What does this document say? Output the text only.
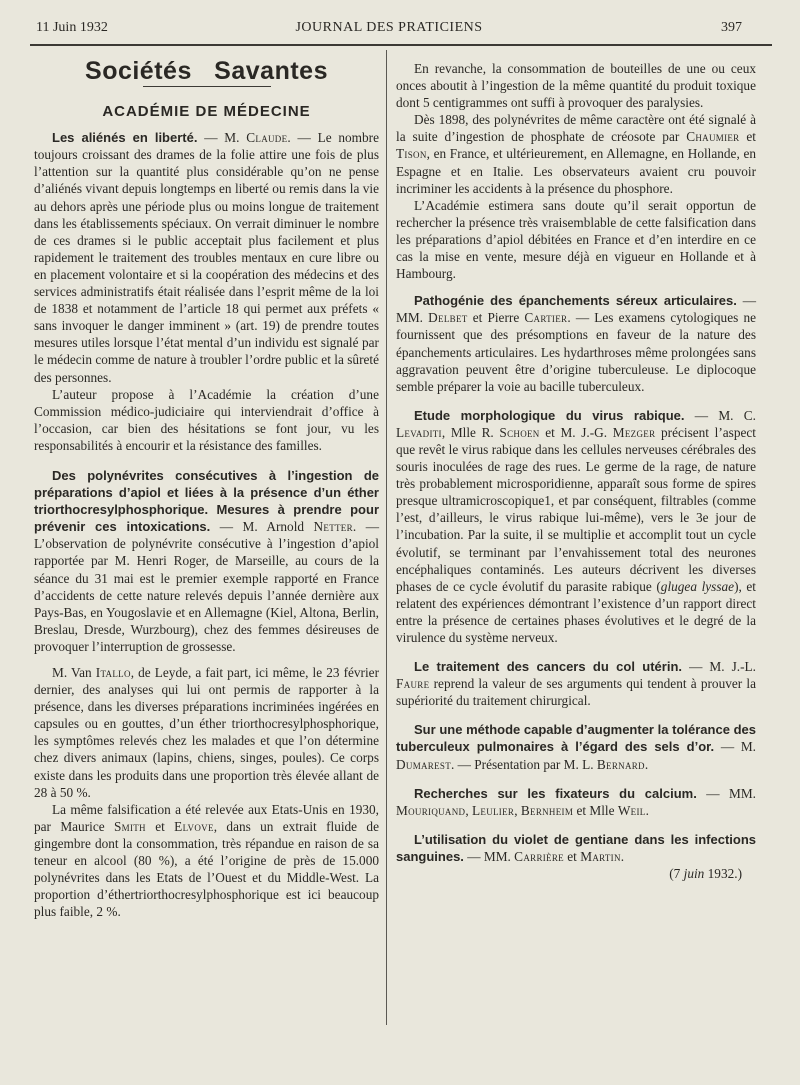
11 Juin 1932	JOURNAL DES PRATICIENS	397
Sociétés   Savantes
ACADÉMIE DE MÉDECINE

Les aliénés en liberté. — M. Claude. — Le nombre toujours croissant des drames de la folie attire une fois de plus l’attention sur la quantité plus considérable qu’on ne pense d’aliénés vivant depuis longtemps en liberté ou remis dans la vie au dehors après une période plus ou moins longue de traitement dans les établissements spéciaux. On verrait diminuer le nombre de ces drames si le public acceptait plus facilement et plus rapidement le traitement des troubles mentaux en cure libre ou en placement volontaire et si la coopération des médecins et des services administratifs était réalisée dans l’esprit même de la loi de 1838 et notamment de l’article 18 qui permet aux préfets « sans invoquer le danger imminent » (art. 19) de prendre toutes mesures utiles lorsque l’état mental d’un individu est signalé par le médecin comme de nature à troubler l’ordre public et la sûreté des personnes.

L’auteur propose à l’Académie la création d’une Commission médico-judiciaire qui interviendrait d’office à l’occasion, car bien des hésitations se font jour, vu les responsabilités à encourir et la résistance des familles.

Des polynévrites consécutives à l’ingestion de préparations d’apiol et liées à la présence d’un éther triorthocresylphosphorique. Mesures à prendre pour prévenir ces intoxications. — M. Arnold Netter. — L’observation de polynévrite consécutive à l’ingestion d’apiol rapportée par M. Henri Roger, de Marseille, au cours de la séance du 31 mai est le premier exemple rapporté en France d’accidents de cette nature relevés depuis l’année dernière aux Pays-Bas, en Yougoslavie et en Allemagne (Kiel, Altona, Berlin, Breslau, Dresde, Wurzbourg), chez des femmes désireuses de provoquer l’interruption de grossesse.

M. Van Itallo, de Leyde, a fait part, ici même, le 23 février dernier, des analyses qui lui ont permis de rapporter à la présence, dans les diverses préparations incriminées ingérées en capsules ou en gouttes, d’un éther triorthocresylphosphorique, les symptômes relevés chez les malades et que l’on détermine chez divers animaux (lapins, chiens, singes, poules). Ce corps existe dans les produits dans une proportion très élevée allant de 28 à 50 %.

La même falsification a été relevée aux Etats-Unis en 1930, par Maurice Smith et Elvove, dans un extrait fluide de gingembre dont la consommation, très répandue en raison de sa teneur en alcool (80 %), a été l’origine de près de 15.000 polynévrites dans les Etats de l’Ouest et du Middle-West. La proportion d’éthertriorthocresylphosphorique est ici beaucoup plus faible, 2 %.

En revanche, la consommation de bouteilles de une ou ceux onces aboutit à l’ingestion de la même quantité du produit toxique dont 5 centigrammes ont suffi à provoquer des paralysies.

Dès 1898, des polynévrites de même caractère ont été signalé à la suite d’ingestion de phosphate de créosote par Chaumier et Tison, en France, et ultérieurement, en Allemagne, en Hollande, en Espagne et en Italie. Les observateurs avaient cru pouvoir incriminer les accidents à la présence du phosphore.

L’Académie estimera sans doute qu’il serait opportun de rechercher la présence très vraisemblable de cette falsification dans les préparations d’apiol débitées en France et d’en interdire en ce cas la mise en vente, mesure déjà en vigueur en Hollande et à Hambourg.

Pathogénie des épanchements séreux articulaires. — MM. Delbet et Pierre Cartier. — Les examens cytologiques ne fournissent que des présomptions en faveur de la nature des épanchements articulaires. Les hydarthroses même prolongées sans aggravation peuvent être d’origine tuberculeuse. Le diplocoque semble préparer la voie au bacille tuberculeux.

Etude morphologique du virus rabique. — M. C. Levaditi, Mlle R. Schoen et M. J.-G. Mezger précisent l’aspect que revêt le virus rabique dans les cellules nerveuses cérébrales des souris inoculées de rage des rues. Le germe de la rage, de nature très probablement microsporidienne, apparaît sous forme de spires presque ultramicroscopique1, et par conséquent, filtrables (comme l’est, d’ailleurs, le virus rabique lui-même), vers le 3e jour de l’incubation. Par la suite, il se multiplie et accomplit tout un cycle évolutif, se terminant par l’envahissement total des neurones encéphaliques contaminés. Les auteurs décrivent les diverses phases de ce cycle évolutif du parasite rabique (glugea lyssae), et relatent des expériences démontrant l’existence d’un rapport direct entre la présence de certaines phases évolutives et le degré de la virulence du système nerveux.

Le traitement des cancers du col utérin. — M. J.-L. Faure reprend la valeur de ses arguments qui tendent à prouver la supériorité du traitement chirurgical.

Sur une méthode capable d’augmenter la tolérance des tuberculeux pulmonaires à l’égard des sels d’or. — M. Dumarest. — Présentation par M. L. Bernard.

Recherches sur les fixateurs du calcium. — MM. Mouriquand, Leulier, Bernheim et Mlle Weil.

L’utilisation du violet de gentiane dans les infections sanguines. — MM. Carrière et Martin.

(7 juin 1932.)
